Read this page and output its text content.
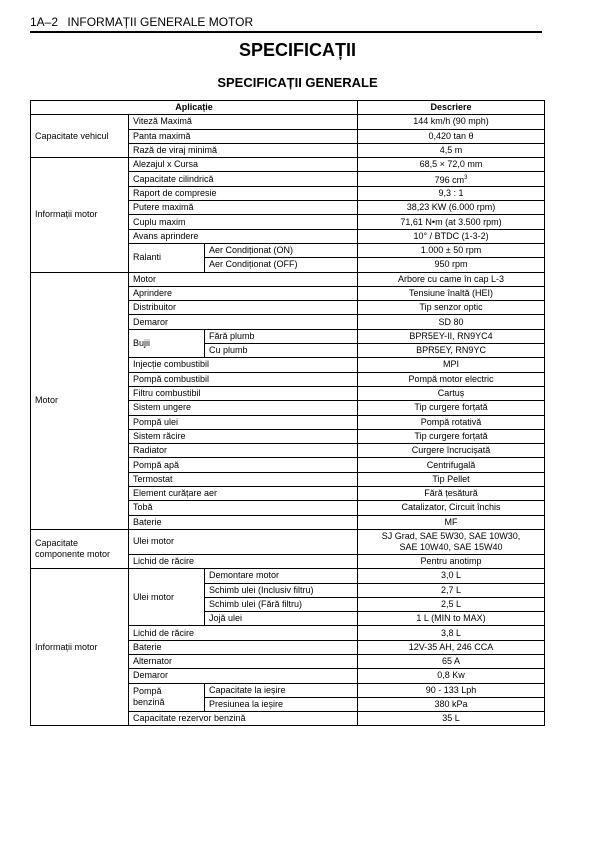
1A–2 INFORMAȚII GENERALE MOTOR
SPECIFICAȚII
SPECIFICAȚII GENERALE
Aplicație			Descriere
Capacitate vehicul	Viteză Maximă		144 km/h (90 mph)
	Panta maximă		0,420 tan θ
	Rază de viraj minimă		4,5 m
Informații motor	Alezajul x Cursa		68,5 × 72,0 mm
	Capacitate cilindrică		796 $cm^3$
	Raport de compresie		9,3 : 1
	Putere maximă		38,23 KW (6.000 rpm)
	Cuplu maxim		71,61 N•m (at 3.500 rpm)
	Avans aprindere		10° / BTDC (1-3-2)
	Ralanti	Aer Condiționat (ON)	1.000 ± 50 rpm
		Aer Condiționat (OFF)	950 rpm
Motor	Motor		Arbore cu came în cap L-3
	Aprindere		Tensiune înaltă (HEI)
	Distribuitor		Tip senzor optic
	Demaror		SD 80
	Bujii	Fără plumb	BPR5EY-II, RN9YC4
		Cu plumb	BPR5EY, RN9YC
	Injecție combustibil		MPI
	Pompă combustibil		Pompă motor electric
	Filtru combustibil		Cartuș
	Sistem ungere		Tip curgere forțată
	Pompă ulei		Pompă rotativă
	Sistem răcire		Tip curgere forțată
	Radiator		Curgere încrucișată
	Pompă apă		Centrifugală
	Termostat		Tip Pellet
	Element curățare aer		Fără țesătură
	Tobă		Catalizator, Circuit închis
	Baterie		MF
Capacitate componente motor	Ulei motor		SJ Grad, SAE 5W30, SAE 10W30,
SAE 10W40, SAE 15W40

	Lichid de răcire		Pentru anotimp
Informații motor	Ulei motor	Demontare motor	3,0 L
		Schimb ulei (Inclusiv filtru)	2,7 L
		Schimb ulei (Fără filtru)	2,5 L
		Jojă ulei	1 L (MIN to MAX)
	Lichid de răcire		3,8 L
	Baterie		12V-35 AH, 246 CCA
	Alternator		65 A
	Demaror		0,8 Kw

	Pompă
benzină	Capacitate la ieșire	90 - 133 Lph
		Presiunea la ieșire	380 kPa
	Capacitate rezervor benzină		35 L
